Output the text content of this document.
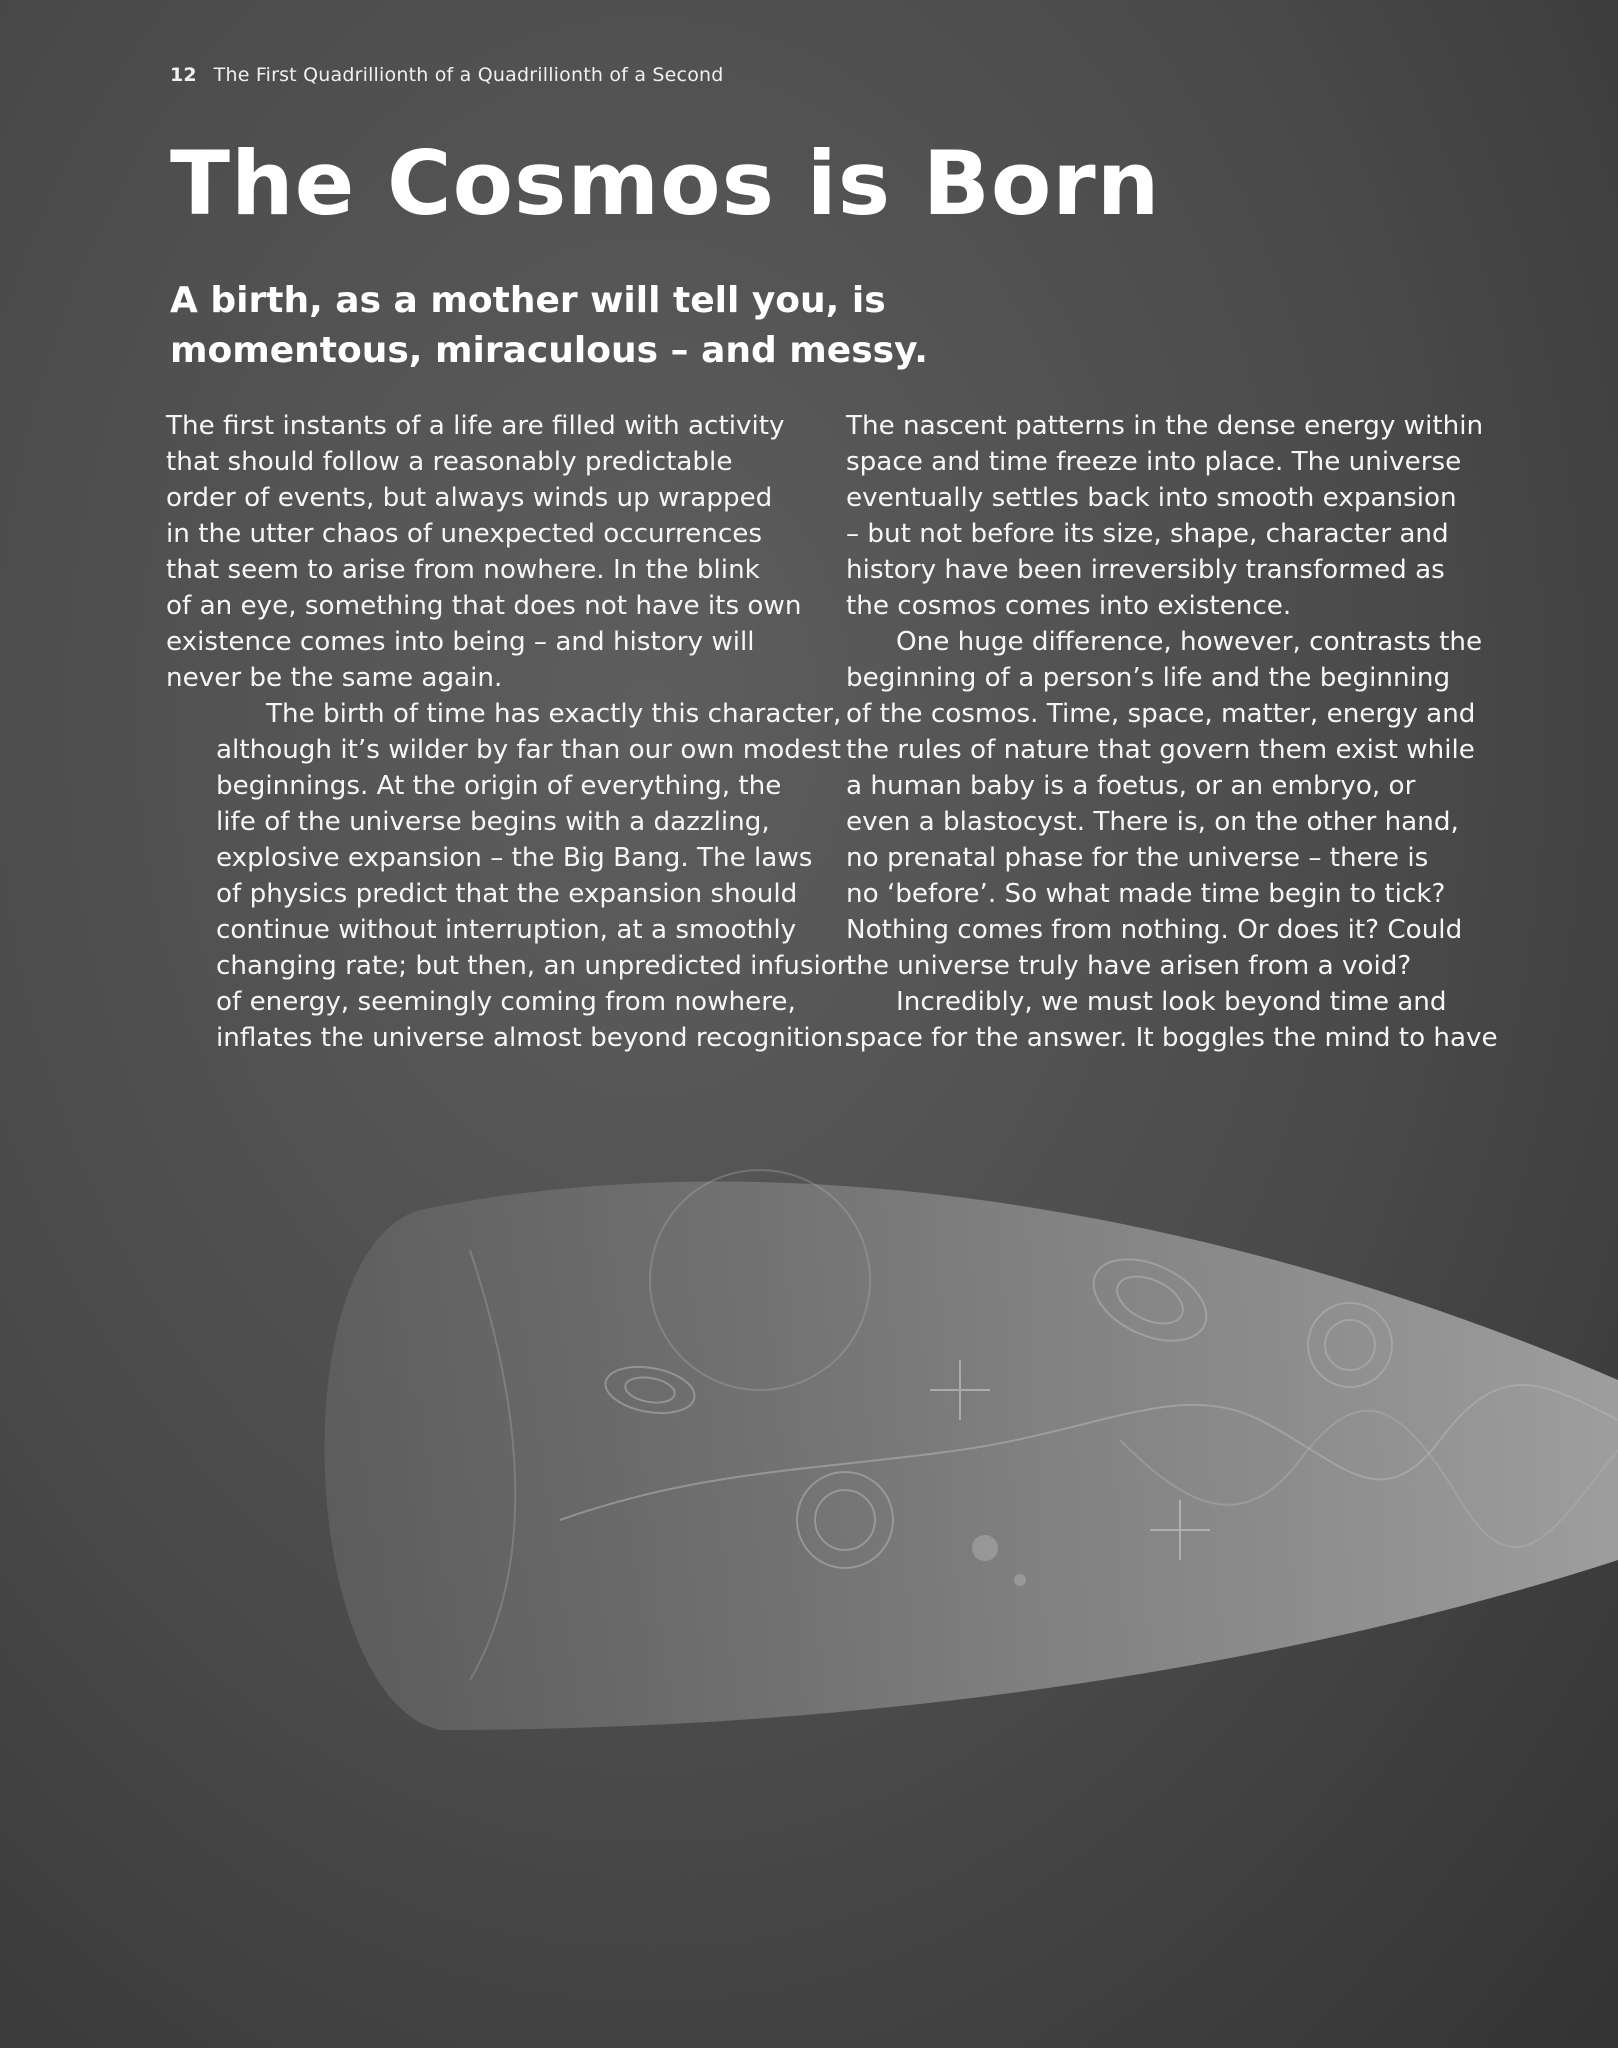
12 The First Quadrillionth of a Quadrillionth of a Second
The Cosmos is Born
A birth, as a mother will tell you, is
momentous, miraculous – and messy.

The first instants of a life are filled with activity
that should follow a reasonably predictable
order of events, but always winds up wrapped
in the utter chaos of unexpected occurrences
that seem to arise from nowhere. In the blink
of an eye, something that does not have its own
existence comes into being – and history will
never be the same again.

The birth of time has exactly this character,
although it’s wilder by far than our own modest
beginnings. At the origin of everything, the
life of the universe begins with a dazzling,
explosive expansion – the Big Bang. The laws
of physics predict that the expansion should
continue without interruption, at a smoothly
changing rate; but then, an unpredicted infusion
of energy, seemingly coming from nowhere,
inflates the universe almost beyond recognition.

The nascent patterns in the dense energy within
space and time freeze into place. The universe
eventually settles back into smooth expansion
– but not before its size, shape, character and
history have been irreversibly transformed as
the cosmos comes into existence.

One huge difference, however, contrasts the
beginning of a person’s life and the beginning
of the cosmos. Time, space, matter, energy and
the rules of nature that govern them exist while
a human baby is a foetus, or an embryo, or
even a blastocyst. There is, on the other hand,
no prenatal phase for the universe – there is
no ‘before’. So what made time begin to tick?
Nothing comes from nothing. Or does it? Could
the universe truly have arisen from a void?

Incredibly, we must look beyond time and
space for the answer. It boggles the mind to have
